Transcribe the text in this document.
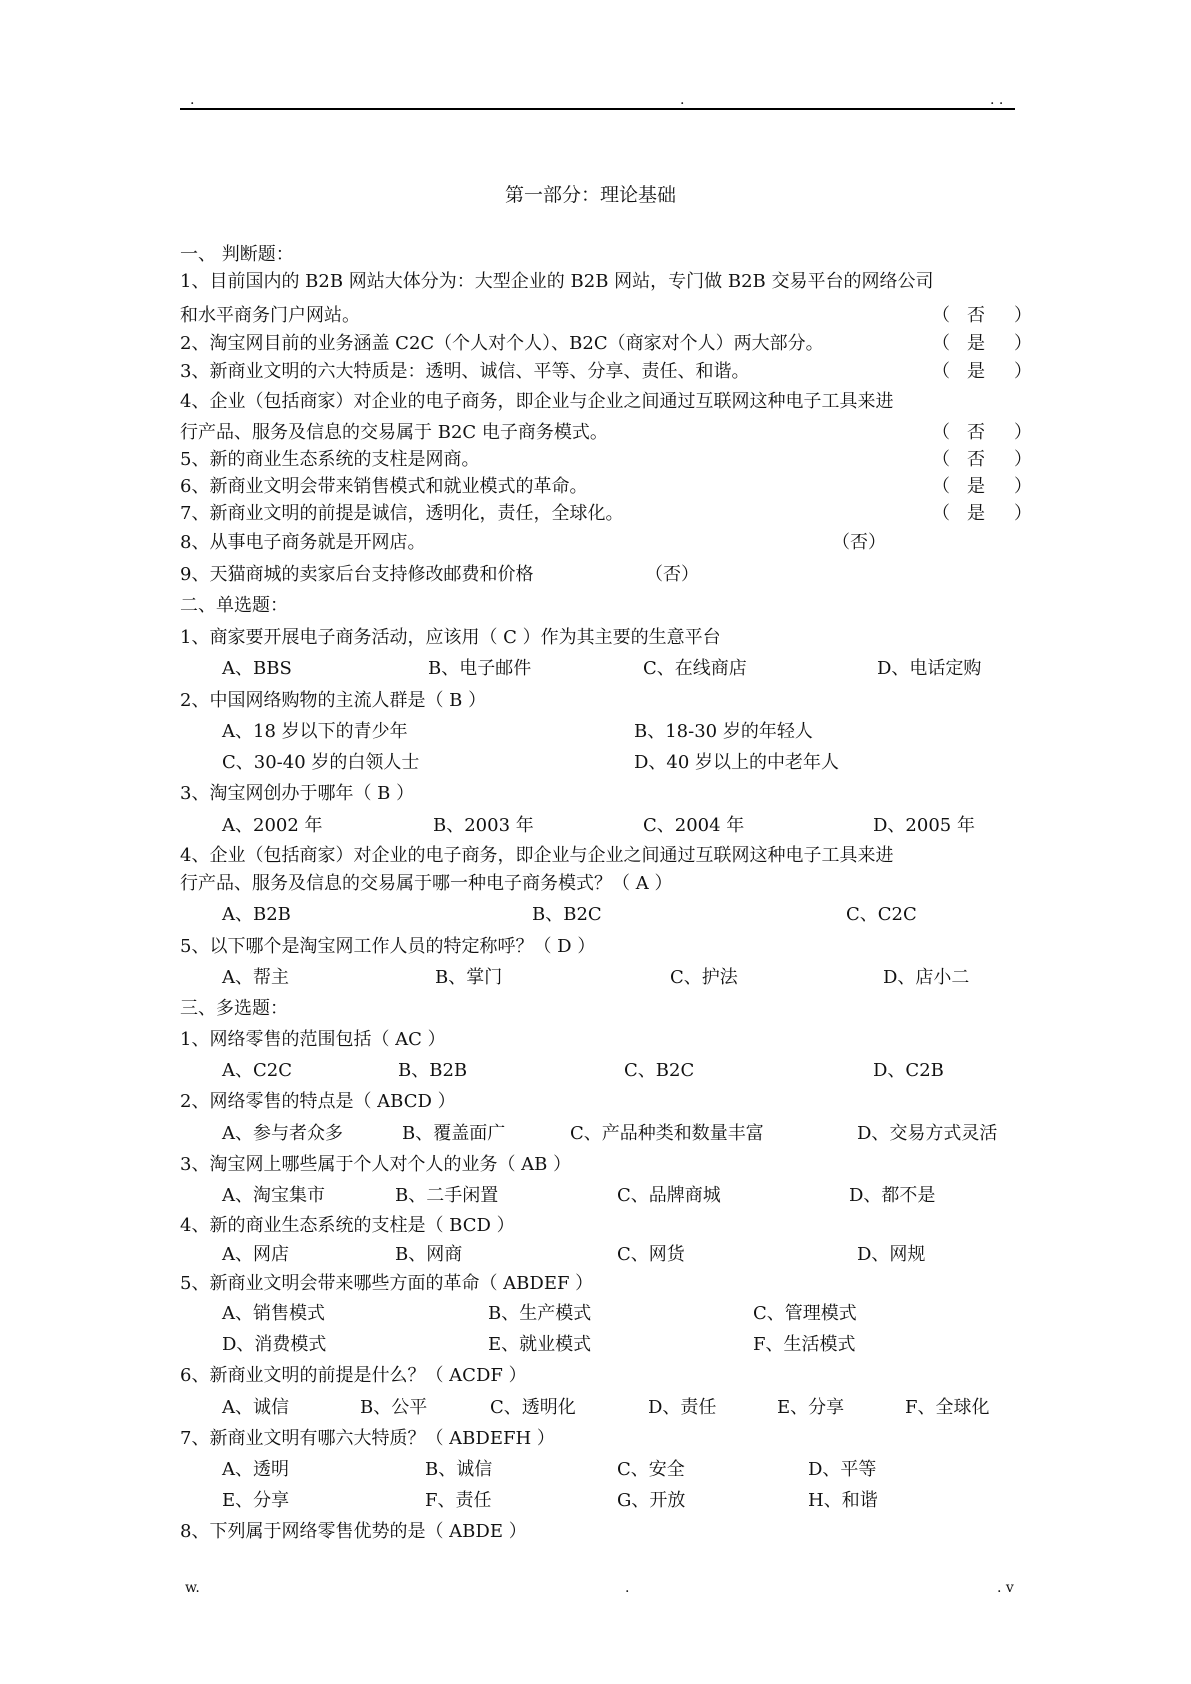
.	.	. .
第一部分：理论基础
一、 判断题：
1、目前国内的 B2B 网站大体分为：大型企业的 B2B 网站，专门做 B2B 交易平台的网络公司
和水平商务门户网站。	（ 否 ）
2、淘宝网目前的业务涵盖 C2C（个人对个人）、B2C（商家对个人）两大部分。	（ 是 ）
3、新商业文明的六大特质是：透明、诚信、平等、分享、责任、和谐。	（ 是 ）
4、企业（包括商家）对企业的电子商务，即企业与企业之间通过互联网这种电子工具来进
行产品、服务及信息的交易属于 B2C 电子商务模式。	（ 否 ）
5、新的商业生态系统的支柱是网商。	（ 否 ）
6、新商业文明会带来销售模式和就业模式的革命。	（ 是 ）
7、新商业文明的前提是诚信，透明化，责任，全球化。	（ 是 ）
8、从事电子商务就是开网店。	（否）
9、天猫商城的卖家后台支持修改邮费和价格	（否）
二、单选题：
1、商家要开展电子商务活动，应该用（ C ）作为其主要的生意平台
A、BBS	B、电子邮件	C、在线商店	D、电话定购
2、中国网络购物的主流人群是（ B ）
A、18 岁以下的青少年	B、18-30 岁的年轻人
C、30-40 岁的白领人士	D、40 岁以上的中老年人
3、淘宝网创办于哪年（ B ）
A、2002 年	B、2003 年	C、2004 年	D、2005 年
4、企业（包括商家）对企业的电子商务，即企业与企业之间通过互联网这种电子工具来进
行产品、服务及信息的交易属于哪一种电子商务模式？（ A ）
A、B2B	B、B2C	C、C2C
5、以下哪个是淘宝网工作人员的特定称呼？（ D ）
A、帮主	B、掌门	C、护法	D、店小二
三、多选题：
1、网络零售的范围包括（ AC ）
A、C2C	B、B2B	C、B2C	D、C2B
2、网络零售的特点是（ ABCD ）
A、参与者众多	B、覆盖面广	C、产品种类和数量丰富	D、交易方式灵活
3、淘宝网上哪些属于个人对个人的业务（ AB ）
A、淘宝集市	B、二手闲置	C、品牌商城	D、都不是
4、新的商业生态系统的支柱是（ BCD ）
A、网店	B、网商	C、网货	D、网规
5、新商业文明会带来哪些方面的革命（ ABDEF ）
A、销售模式	B、生产模式	C、管理模式
D、消费模式	E、就业模式	F、生活模式
6、新商业文明的前提是什么？（ ACDF ）
A、诚信	B、公平	C、透明化	D、责任	E、分享	F、全球化
7、新商业文明有哪六大特质？（ ABDEFH ）
A、透明	B、诚信	C、安全	D、平等
E、分享	F、责任	G、开放	H、和谐
8、下列属于网络零售优势的是（ ABDE ）
w.	.	. v
